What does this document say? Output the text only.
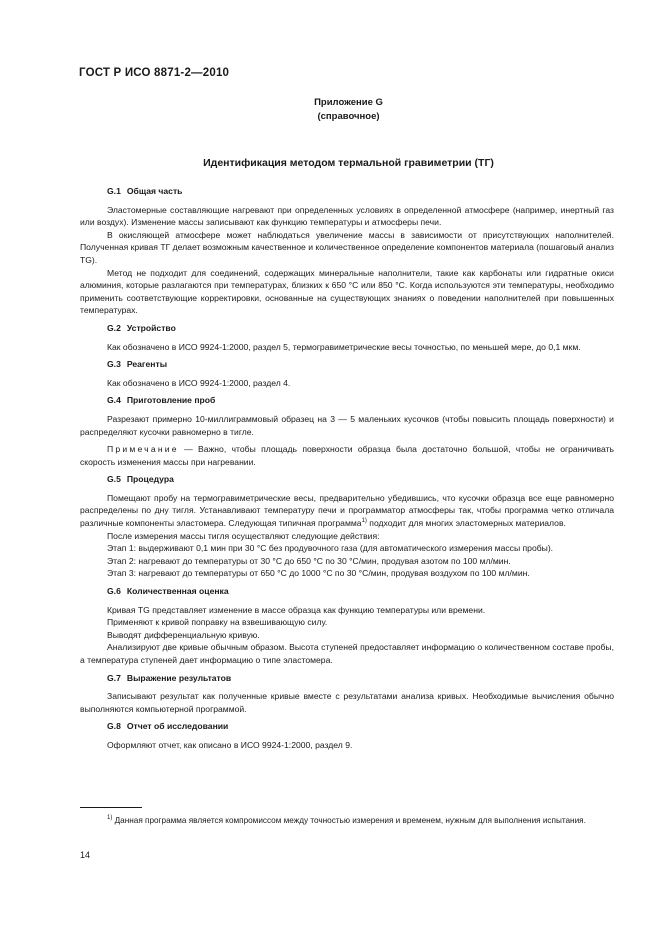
ГОСТ Р ИСО 8871-2—2010
Приложение G
(справочное)
Идентификация методом термальной гравиметрии (ТГ)
G.1 Общая часть

Эластомерные составляющие нагревают при определенных условиях в определенной атмосфере (например, инертный газ или воздух). Изменение массы записывают как функцию температуры и атмосферы печи.

В окисляющей атмосфере может наблюдаться увеличение массы в зависимости от присутствующих наполнителей. Полученная кривая ТГ делает возможным качественное и количественное определение компонентов материала (пошаговый анализ TG).

Метод не подходит для соединений, содержащих минеральные наполнители, такие как карбонаты или гидратные окиси алюминия, которые разлагаются при температурах, близких к 650 °С или 850 °С. Когда используются эти температуры, необходимо применить соответствующие корректировки, основанные на существующих знаниях о поведении наполнителей при повышенных температурах.

G.2 Устройство

Как обозначено в ИСО 9924-1:2000, раздел 5, термогравиметрические весы точностью, по меньшей мере, до 0,1 мкм.

G.3 Реагенты

Как обозначено в ИСО 9924-1:2000, раздел 4.

G.4 Приготовление проб

Разрезают примерно 10-миллиграммовый образец на 3 — 5 маленьких кусочков (чтобы повысить площадь поверхности) и распределяют кусочки равномерно в тигле.

Примечание — Важно, чтобы площадь поверхности образца была достаточно большой, чтобы не ограничивать скорость изменения массы при нагревании.

G.5 Процедура

Помещают пробу на термогравиметрические весы, предварительно убедившись, что кусочки образца все еще равномерно распределены по дну тигля. Устанавливают температуру печи и программатор атмосферы так, чтобы программа четко отличала различные компоненты эластомера. Следующая типичная программа$^{1)}$ подходит для многих эластомерных материалов.

После измерения массы тигля осуществляют следующие действия:

Этап 1: выдерживают 0,1 мин при 30 °С без продувочного газа (для автоматического измерения массы пробы).

Этап 2: нагревают до температуры от 30 °С до 650 °С по 30 °С/мин, продувая азотом по 100 мл/мин.

Этап 3: нагревают до температуры от 650 °С до 1000 °С по 30 °С/мин, продувая воздухом по 100 мл/мин.

G.6 Количественная оценка

Кривая TG представляет изменение в массе образца как функцию температуры или времени.

Применяют к кривой поправку на взвешивающую силу.

Выводят дифференциальную кривую.

Анализируют две кривые обычным образом. Высота ступеней предоставляет информацию о количественном составе пробы, а температура ступеней дает информацию о типе эластомера.

G.7 Выражение результатов

Записывают результат как полученные кривые вместе с результатами анализа кривых. Необходимые вычисления обычно выполняются компьютерной программой.

G.8 Отчет об исследовании

Оформляют отчет, как описано в ИСО 9924-1:2000, раздел 9.

$^{1)}$ Данная программа является компромиссом между точностью измерения и временем, нужным для выполнения испытания.
14
